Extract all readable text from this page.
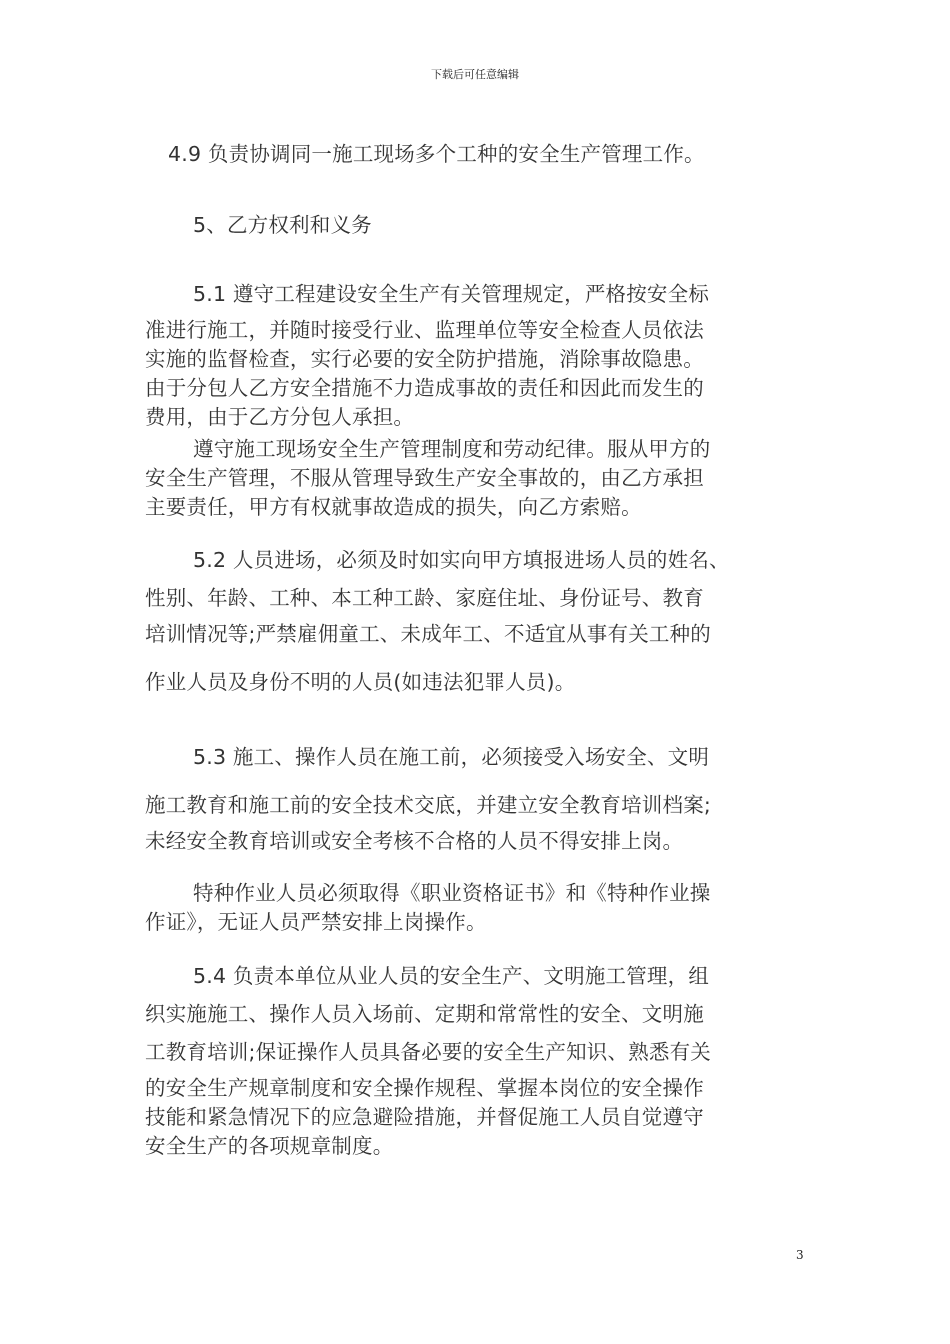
下载后可任意编辑
4.9 负责协调同一施工现场多个工种的安全生产管理工作。
5、乙方权利和义务
5.1 遵守工程建设安全生产有关管理规定，严格按安全标
准进行施工，并随时接受行业、监理单位等安全检查人员依法
实施的监督检查，实行必要的安全防护措施，消除事故隐患。
由于分包人乙方安全措施不力造成事故的责任和因此而发生的
费用，由于乙方分包人承担。
遵守施工现场安全生产管理制度和劳动纪律。服从甲方的
安全生产管理，不服从管理导致生产安全事故的，由乙方承担
主要责任，甲方有权就事故造成的损失，向乙方索赔。
5.2 人员进场，必须及时如实向甲方填报进场人员的姓名、
性别、年龄、工种、本工种工龄、家庭住址、身份证号、教育
培训情况等;严禁雇佣童工、未成年工、不适宜从事有关工种的
作业人员及身份不明的人员(如违法犯罪人员)。
5.3 施工、操作人员在施工前，必须接受入场安全、文明
施工教育和施工前的安全技术交底，并建立安全教育培训档案;
未经安全教育培训或安全考核不合格的人员不得安排上岗。
特种作业人员必须取得《职业资格证书》和《特种作业操
作证》，无证人员严禁安排上岗操作。
5.4 负责本单位从业人员的安全生产、文明施工管理，组
织实施施工、操作人员入场前、定期和常常性的安全、文明施
工教育培训;保证操作人员具备必要的安全生产知识、熟悉有关
的安全生产规章制度和安全操作规程、掌握本岗位的安全操作
技能和紧急情况下的应急避险措施，并督促施工人员自觉遵守
安全生产的各项规章制度。
3
